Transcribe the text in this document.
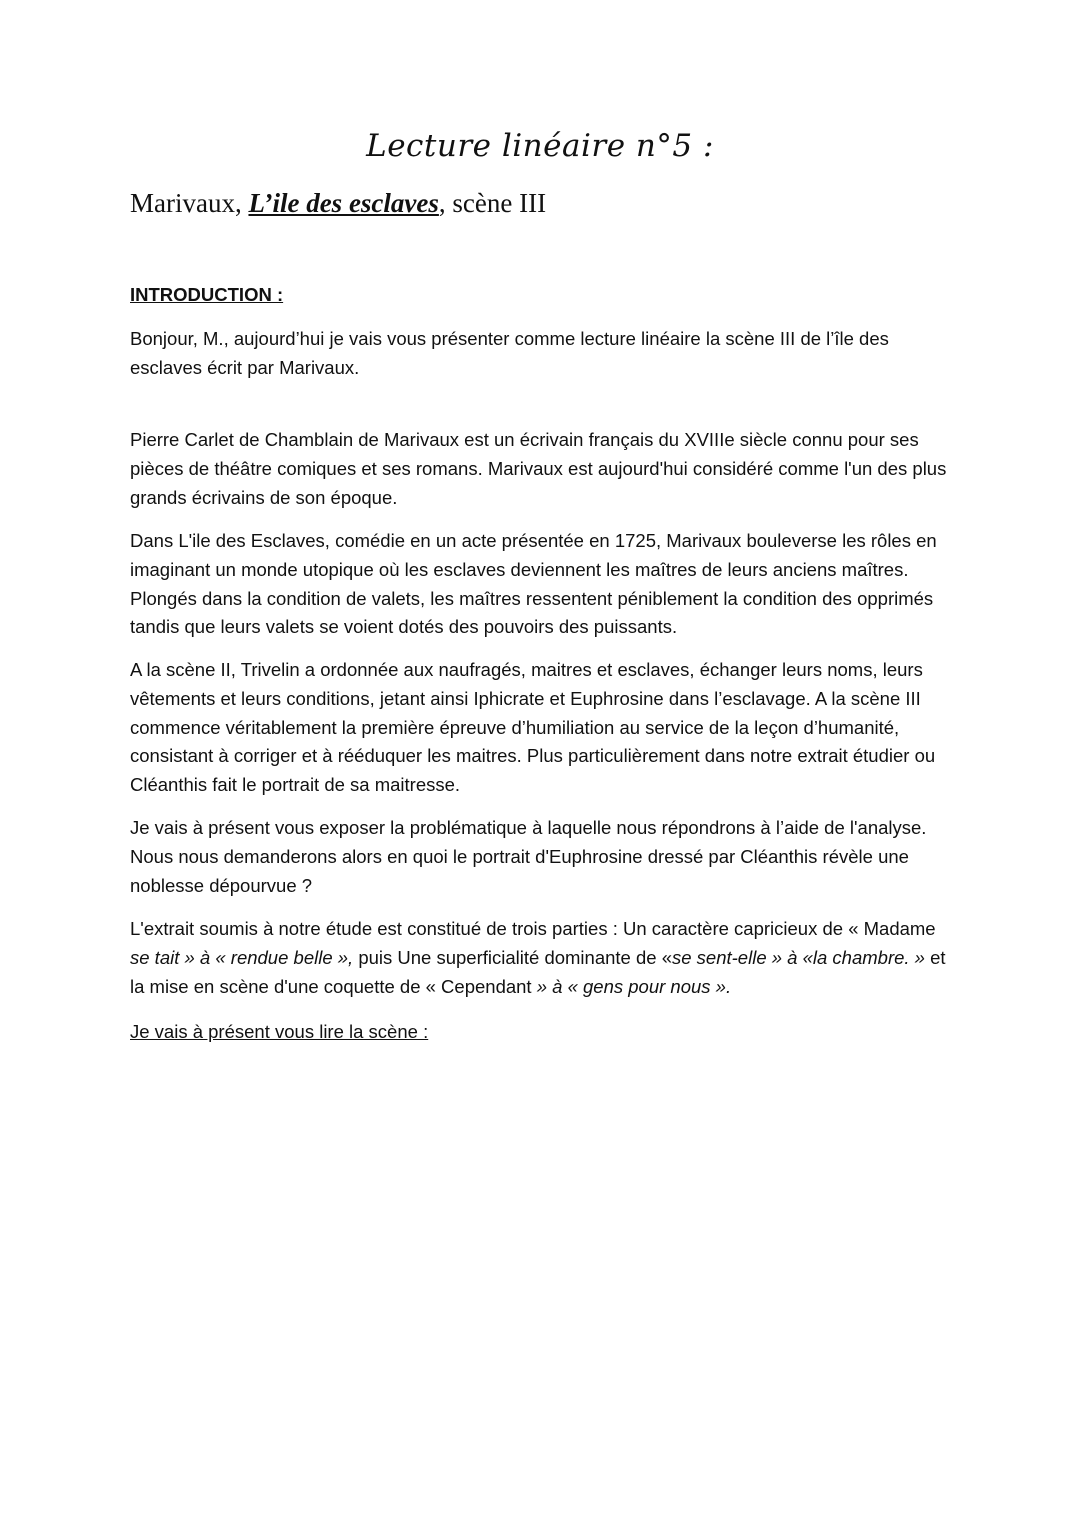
Lecture linéaire n°5 :
Marivaux, L’ile des esclaves, scène III
INTRODUCTION :

Bonjour, M., aujourd’hui je vais vous présenter comme lecture linéaire la scène III de l’île des esclaves écrit par Marivaux.

Pierre Carlet de Chamblain de Marivaux est un écrivain français du XVIIIe siècle connu pour ses pièces de théâtre comiques et ses romans. Marivaux est aujourd'hui considéré comme l'un des plus grands écrivains de son époque.

Dans L'ile des Esclaves, comédie en un acte présentée en 1725, Marivaux bouleverse les rôles en imaginant un monde utopique où les esclaves deviennent les maîtres de leurs anciens maîtres. Plongés dans la condition de valets, les maîtres ressentent péniblement la condition des opprimés tandis que leurs valets se voient dotés des pouvoirs des puissants.

A la scène II, Trivelin a ordonnée aux naufragés, maitres et esclaves, échanger leurs noms, leurs vêtements et leurs conditions, jetant ainsi Iphicrate et Euphrosine dans l’esclavage. A la scène III commence véritablement la première épreuve d’humiliation au service de la leçon d’humanité, consistant à corriger et à rééduquer les maitres. Plus particulièrement dans notre extrait étudier ou Cléanthis fait le portrait de sa maitresse.

Je vais à présent vous exposer la problématique à laquelle nous répondrons à l’aide de l'analyse. Nous nous demanderons alors en quoi le portrait d'Euphrosine dressé par Cléanthis révèle une noblesse dépourvue ?

L'extrait soumis à notre étude est constitué de trois parties : Un caractère capricieux de « Madame se tait » à « rendue belle », puis Une superficialité dominante de «se sent-elle » à «la chambre. » et la mise en scène d'une coquette de « Cependant » à « gens pour nous ».

Je vais à présent vous lire la scène :
